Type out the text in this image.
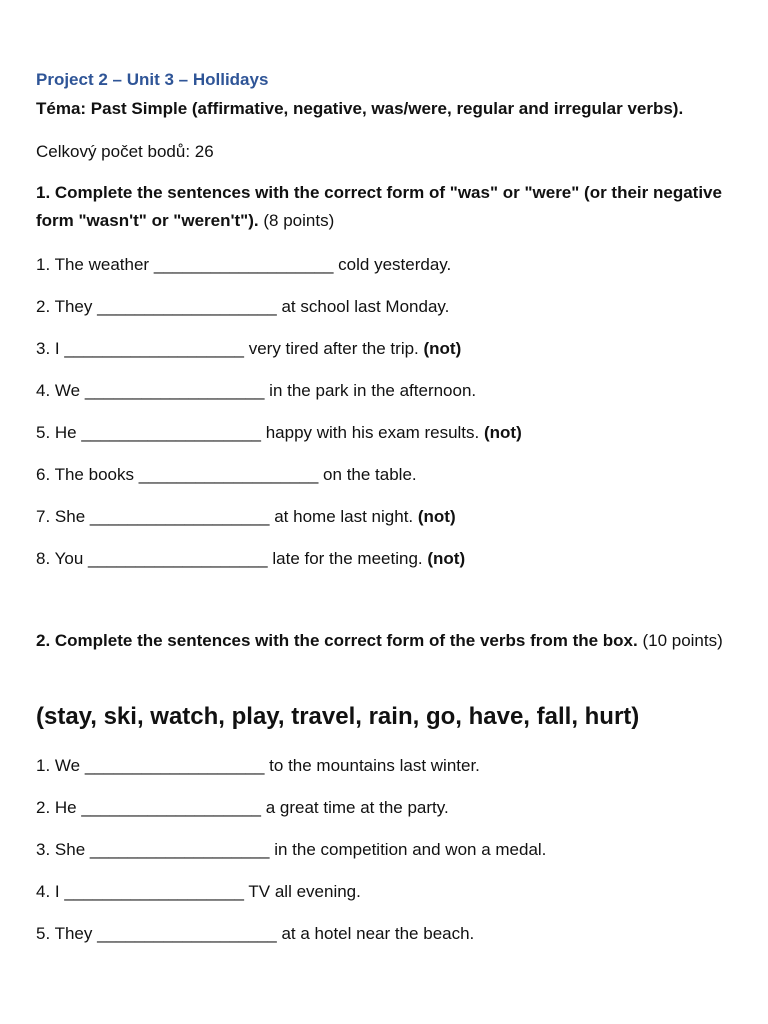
Project 2 – Unit 3 – Hollidays
Téma: Past Simple (affirmative, negative, was/were, regular and irregular verbs).
Celkový počet bodů: 26
1. Complete the sentences with the correct form of "was" or "were" (or their negative form "wasn't" or "weren't"). (8 points)
1. The weather ___________________ cold yesterday.
2. They ___________________ at school last Monday.
3. I ___________________ very tired after the trip. (not)
4. We ___________________ in the park in the afternoon.
5. He ___________________ happy with his exam results. (not)
6. The books ___________________ on the table.
7. She ___________________ at home last night. (not)
8. You ___________________ late for the meeting. (not)
2. Complete the sentences with the correct form of the verbs from the box. (10 points)
(stay, ski, watch, play, travel, rain, go, have, fall, hurt)
1. We ___________________ to the mountains last winter.
2. He ___________________ a great time at the party.
3. She ___________________ in the competition and won a medal.
4. I ___________________ TV all evening.
5. They ___________________ at a hotel near the beach.
